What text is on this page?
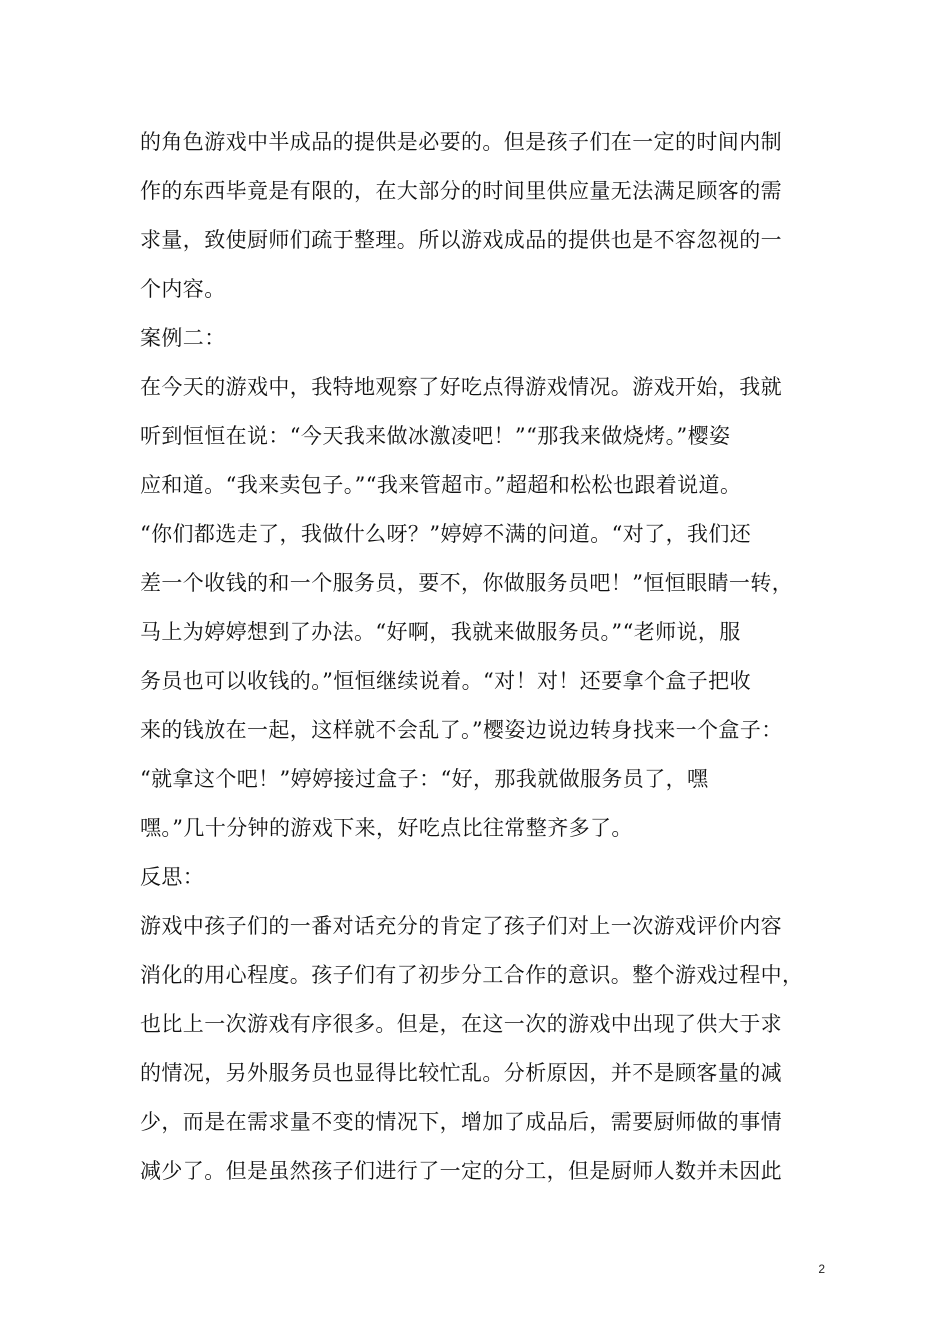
的角色游戏中半成品的提供是必要的。但是孩子们在一定的时间内制
作的东西毕竟是有限的，在大部分的时间里供应量无法满足顾客的需
求量，致使厨师们疏于整理。所以游戏成品的提供也是不容忽视的一
个内容。
案例二：
在今天的游戏中，我特地观察了好吃点得游戏情况。游戏开始，我就
听到恒恒在说：“今天我来做冰激凌吧！”“那我来做烧烤。”樱姿
应和道。“我来卖包子。”“我来管超市。”超超和松松也跟着说道。
“你们都选走了，我做什么呀？”婷婷不满的问道。“对了，我们还
差一个收钱的和一个服务员，要不，你做服务员吧！”恒恒眼睛一转，
马上为婷婷想到了办法。“好啊，我就来做服务员。”“老师说，服
务员也可以收钱的。”恒恒继续说着。“对！对！还要拿个盒子把收
来的钱放在一起，这样就不会乱了。”樱姿边说边转身找来一个盒子：
“就拿这个吧！”婷婷接过盒子：“好，那我就做服务员了，嘿
嘿。”几十分钟的游戏下来，好吃点比往常整齐多了。
反思：
游戏中孩子们的一番对话充分的肯定了孩子们对上一次游戏评价内容
消化的用心程度。孩子们有了初步分工合作的意识。整个游戏过程中，
也比上一次游戏有序很多。但是，在这一次的游戏中出现了供大于求
的情况，另外服务员也显得比较忙乱。分析原因，并不是顾客量的减
少，而是在需求量不变的情况下，增加了成品后，需要厨师做的事情
减少了。但是虽然孩子们进行了一定的分工，但是厨师人数并未因此
2
